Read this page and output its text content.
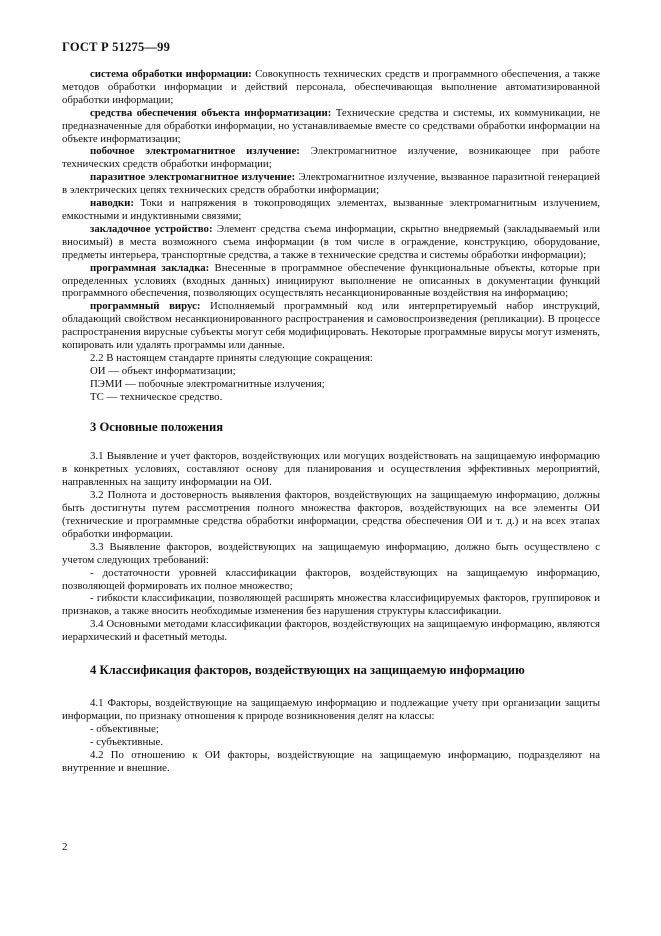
ГОСТ Р 51275—99

система обработки информации: Совокупность технических средств и программного обеспечения, а также методов обработки информации и действий персонала, обеспечивающая выполнение автоматизированной обработки информации;

средства обеспечения объекта информатизации: Технические средства и системы, их коммуникации, не предназначенные для обработки информации, но устанавливаемые вместе со средствами обработки информации на объекте информатизации;

побочное электромагнитное излучение: Электромагнитное излучение, возникающее при работе технических средств обработки информации;

паразитное электромагнитное излучение: Электромагнитное излучение, вызванное паразитной генерацией в электрических цепях технических средств обработки информации;

наводки: Токи и напряжения в токопроводящих элементах, вызванные электромагнитным излучением, емкостными и индуктивными связями;

закладочное устройство: Элемент средства съема информации, скрытно внедряемый (закладываемый или вносимый) в места возможного съема информации (в том числе в ограждение, конструкцию, оборудование, предметы интерьера, транспортные средства, а также в технические средства и системы обработки информации);

программная закладка: Внесенные в программное обеспечение функциональные объекты, которые при определенных условиях (входных данных) инициируют выполнение не описанных в документации функций программного обеспечения, позволяющих осуществлять несанкционированные воздействия на информацию;

программный вирус: Исполняемый программный код или интерпретируемый набор инструкций, обладающий свойством несанкционированного распространения и самовоспроизведения (репликации). В процессе распространения вирусные субъекты могут себя модифицировать. Некоторые программные вирусы могут изменять, копировать или удалять программы или данные.

2.2 В настоящем стандарте приняты следующие сокращения:

ОИ — объект информатизации;

ПЭМИ — побочные электромагнитные излучения;

ТС — техническое средство.

3 Основные положения

3.1 Выявление и учет факторов, воздействующих или могущих воздействовать на защищаемую информацию в конкретных условиях, составляют основу для планирования и осуществления эффективных мероприятий, направленных на защиту информации на ОИ.

3.2 Полнота и достоверность выявления факторов, воздействующих на защищаемую информацию, должны быть достигнуты путем рассмотрения полного множества факторов, воздействующих на все элементы ОИ (технические и программные средства обработки информации, средства обеспечения ОИ и т. д.) и на всех этапах обработки информации.

3.3 Выявление факторов, воздействующих на защищаемую информацию, должно быть осуществлено с учетом следующих требований:

- достаточности уровней классификации факторов, воздействующих на защищаемую информацию, позволяющей формировать их полное множество;

- гибкости классификации, позволяющей расширять множества классифицируемых факторов, группировок и признаков, а также вносить необходимые изменения без нарушения структуры классификации.

3.4 Основными методами классификации факторов, воздействующих на защищаемую информацию, являются иерархический и фасетный методы.

4 Классификация факторов, воздействующих на защищаемую информацию

4.1 Факторы, воздействующие на защищаемую информацию и подлежащие учету при организации защиты информации, по признаку отношения к природе возникновения делят на классы:

- объективные;

- субъективные.

4.2 По отношению к ОИ факторы, воздействующие на защищаемую информацию, подразделяют на внутренние и внешние.

2
